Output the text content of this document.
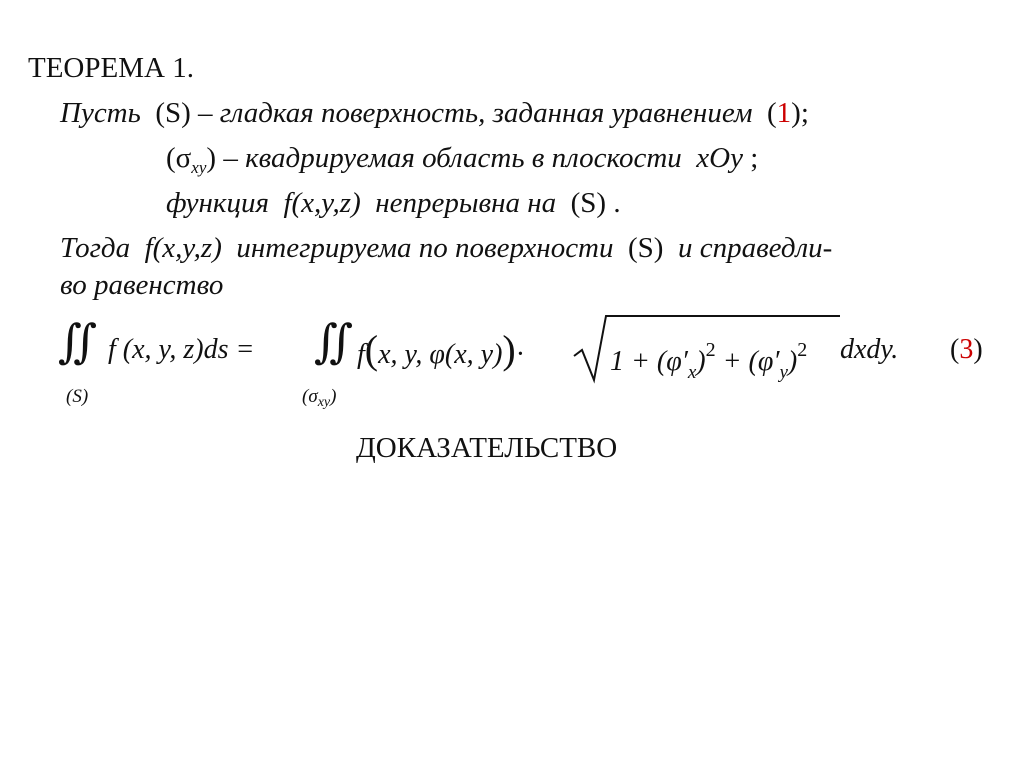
ТЕОРЕМА 1.
Пусть (S) – гладкая поверхность, заданная уравнением (1);
$(\sigma_{xy})$ – квадрируемая область в плоскости xOy ;
функция f(x,y,z) непрерывна на (S) .
Тогда f(x,y,z) интегрируема по поверхности (S) и справедли-
во равенство
∬ f (x, y, z)ds =
(S)
∬ f(x, y, φ(x, y))·
$(\sigma_{xy})$
$1 + (\varphi'_x)^2 + (\varphi'_y)^2$ dxdy. (3)
ДОКАЗАТЕЛЬСТВО
